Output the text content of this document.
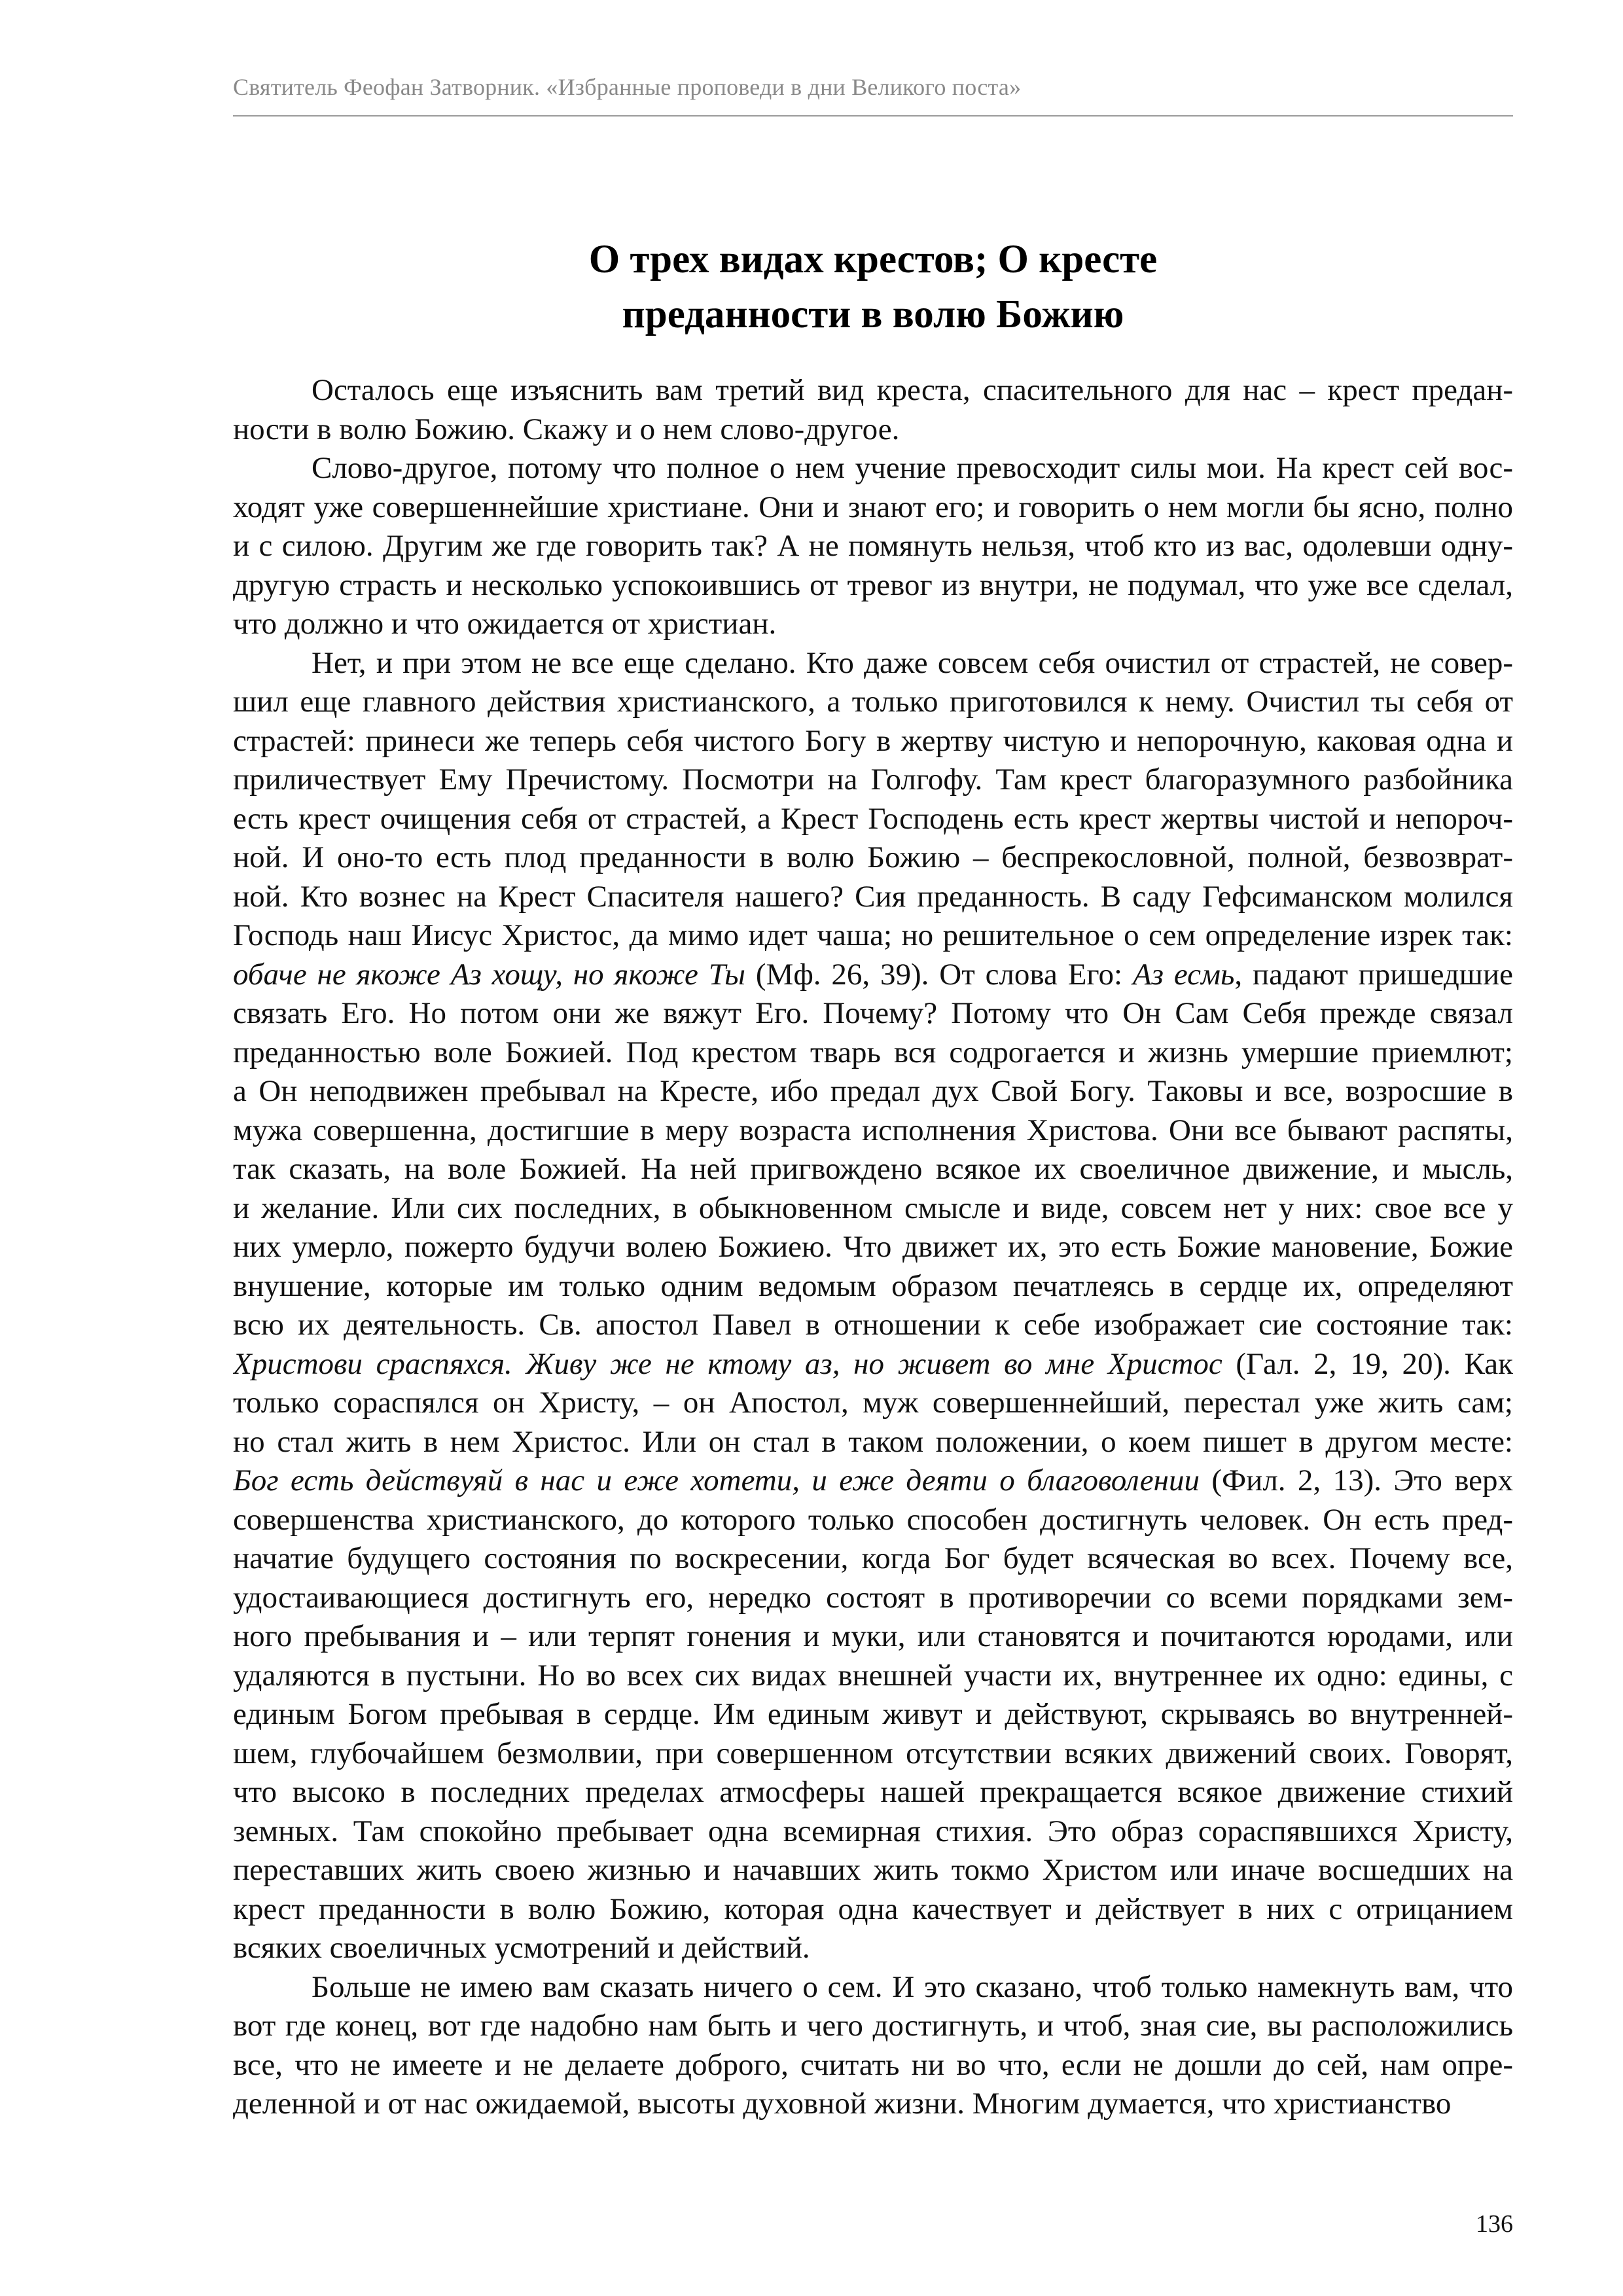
Святитель Феофан Затворник. «Избранные проповеди в дни Великого поста»
О трех видах крестов; О кресте
преданности в волю Божию
Осталось еще изъяснить вам третий вид креста, спасительного для нас – крест предан-
ности в волю Божию. Скажу и о нем слово-другое.
Слово-другое, потому что полное о нем учение превосходит силы мои. На крест сей вос-
ходят уже совершеннейшие христиане. Они и знают его; и говорить о нем могли бы ясно, полно
и с силою. Другим же где говорить так? А не помянуть нельзя, чтоб кто из вас, одолевши одну-
другую страсть и несколько успокоившись от тревог из внутри, не подумал, что уже все сделал,
что должно и что ожидается от христиан.
Нет, и при этом не все еще сделано. Кто даже совсем себя очистил от страстей, не совер-
шил еще главного действия христианского, а только приготовился к нему. Очистил ты себя от
страстей: принеси же теперь себя чистого Богу в жертву чистую и непорочную, каковая одна и
приличествует Ему Пречистому. Посмотри на Голгофу. Там крест благоразумного разбойника
есть крест очищения себя от страстей, а Крест Господень есть крест жертвы чистой и непороч-
ной. И оно-то есть плод преданности в волю Божию – беспрекословной, полной, безвозврат-
ной. Кто вознес на Крест Спасителя нашего? Сия преданность. В саду Гефсиманском молился
Господь наш Иисус Христос, да мимо идет чаша; но решительное о сем определение изрек так:
обаче не якоже Аз хощу, но якоже Ты (Мф. 26, 39). От слова Его: Аз есмь, падают пришедшие
связать Его. Но потом они же вяжут Его. Почему? Потому что Он Сам Себя прежде связал
преданностью воле Божией. Под крестом тварь вся содрогается и жизнь умершие приемлют;
а Он неподвижен пребывал на Кресте, ибо предал дух Свой Богу. Таковы и все, возросшие в
мужа совершенна, достигшие в меру возраста исполнения Христова. Они все бывают распяты,
так сказать, на воле Божией. На ней пригвождено всякое их своеличное движение, и мысль,
и желание. Или сих последних, в обыкновенном смысле и виде, совсем нет у них: свое все у
них умерло, пожерто будучи волею Божиею. Что движет их, это есть Божие мановение, Божие
внушение, которые им только одним ведомым образом печатлеясь в сердце их, определяют
всю их деятельность. Св. апостол Павел в отношении к себе изображает сие состояние так:
Христови сраспяхся. Живу же не ктому аз, но живет во мне Христос (Гал. 2, 19, 20). Как
только сораспялся он Христу, – он Апостол, муж совершеннейший, перестал уже жить сам;
но стал жить в нем Христос. Или он стал в таком положении, о коем пишет в другом месте:
Бог есть действуяй в нас и еже хотети, и еже деяти о благоволении (Фил. 2, 13). Это верх
совершенства христианского, до которого только способен достигнуть человек. Он есть пред-
начатие будущего состояния по воскресении, когда Бог будет всяческая во всех. Почему все,
удостаивающиеся достигнуть его, нередко состоят в противоречии со всеми порядками зем-
ного пребывания и – или терпят гонения и муки, или становятся и почитаются юродами, или
удаляются в пустыни. Но во всех сих видах внешней участи их, внутреннее их одно: едины, с
единым Богом пребывая в сердце. Им единым живут и действуют, скрываясь во внутренней-
шем, глубочайшем безмолвии, при совершенном отсутствии всяких движений своих. Говорят,
что высоко в последних пределах атмосферы нашей прекращается всякое движение стихий
земных. Там спокойно пребывает одна всемирная стихия. Это образ сораспявшихся Христу,
переставших жить своею жизнью и начавших жить токмо Христом или иначе восшедших на
крест преданности в волю Божию, которая одна качествует и действует в них с отрицанием
всяких своеличных усмотрений и действий.
Больше не имею вам сказать ничего о сем. И это сказано, чтоб только намекнуть вам, что
вот где конец, вот где надобно нам быть и чего достигнуть, и чтоб, зная сие, вы расположились
все, что не имеете и не делаете доброго, считать ни во что, если не дошли до сей, нам опре-
деленной и от нас ожидаемой, высоты духовной жизни. Многим думается, что христианство
136
